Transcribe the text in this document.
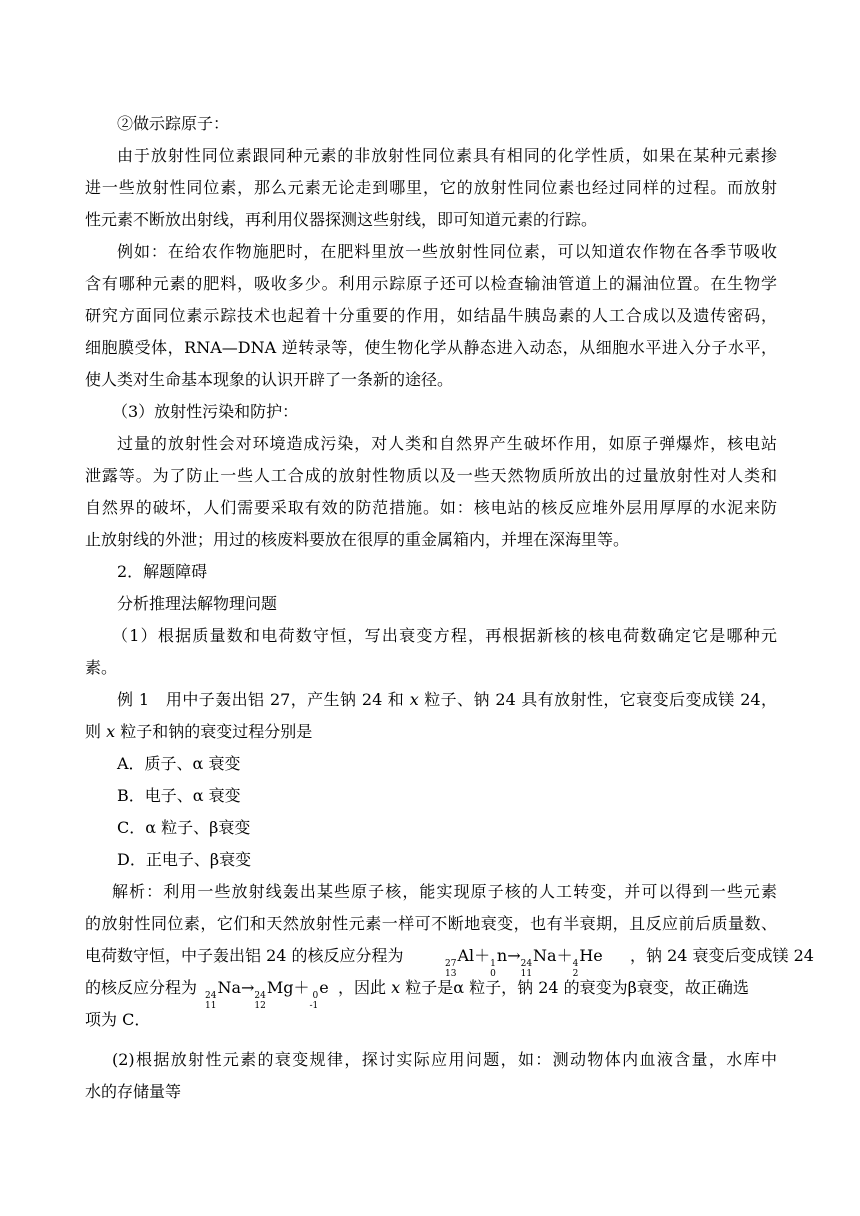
②做示踪原子：
由于放射性同位素跟同种元素的非放射性同位素具有相同的化学性质，如果在某种元素掺
进一些放射性同位素，那么元素无论走到哪里，它的放射性同位素也经过同样的过程。而放射
性元素不断放出射线，再利用仪器探测这些射线，即可知道元素的行踪。
例如：在给农作物施肥时，在肥料里放一些放射性同位素，可以知道农作物在各季节吸收
含有哪种元素的肥料，吸收多少。利用示踪原子还可以检查输油管道上的漏油位置。在生物学
研究方面同位素示踪技术也起着十分重要的作用，如结晶牛胰岛素的人工合成以及遗传密码，
细胞膜受体，RNA—DNA 逆转录等，使生物化学从静态进入动态，从细胞水平进入分子水平，
使人类对生命基本现象的认识开辟了一条新的途径。
（3）放射性污染和防护：
过量的放射性会对环境造成污染，对人类和自然界产生破坏作用，如原子弹爆炸，核电站
泄露等。为了防止一些人工合成的放射性物质以及一些天然物质所放出的过量放射性对人类和
自然界的破坏，人们需要采取有效的防范措施。如：核电站的核反应堆外层用厚厚的水泥来防
止放射线的外泄；用过的核废料要放在很厚的重金属箱内，并埋在深海里等。
2．解题障碍
分析推理法解物理问题
（1）根据质量数和电荷数守恒，写出衰变方程，再根据新核的核电荷数确定它是哪种元
素。
例 1　用中子轰出铝 27，产生钠 24 和 x 粒子、钠 24 具有放射性，它衰变后变成镁 24，
则 x 粒子和钠的衰变过程分别是
A．质子、α 衰变
B．电子、α 衰变
C．α 粒子、β衰变
D．正电子、β衰变
解析：利用一些放射线轰出某些原子核，能实现原子核的人工转变，并可以得到一些元素
的放射性同位素，它们和天然放射性元素一样可不断地衰变，也有半衰期，且反应前后质量数、
电荷数守恒，中子轰出铝 24 的核反应分程为	27
13
Al＋ 1
0
n→ 24
11
Na＋ 4
2
He ，钠 24 衰变后变成镁 24
的核反应分程为 24
11
Na→ 24
12
Mg＋ 0
-1
e ，因此 x 粒子是α 粒子，钠 24 的衰变为β衰变，故正确选
项为 C．
(2)根据放射性元素的衰变规律，探讨实际应用问题，如：测动物体内血液含量，水库中
水的存储量等
